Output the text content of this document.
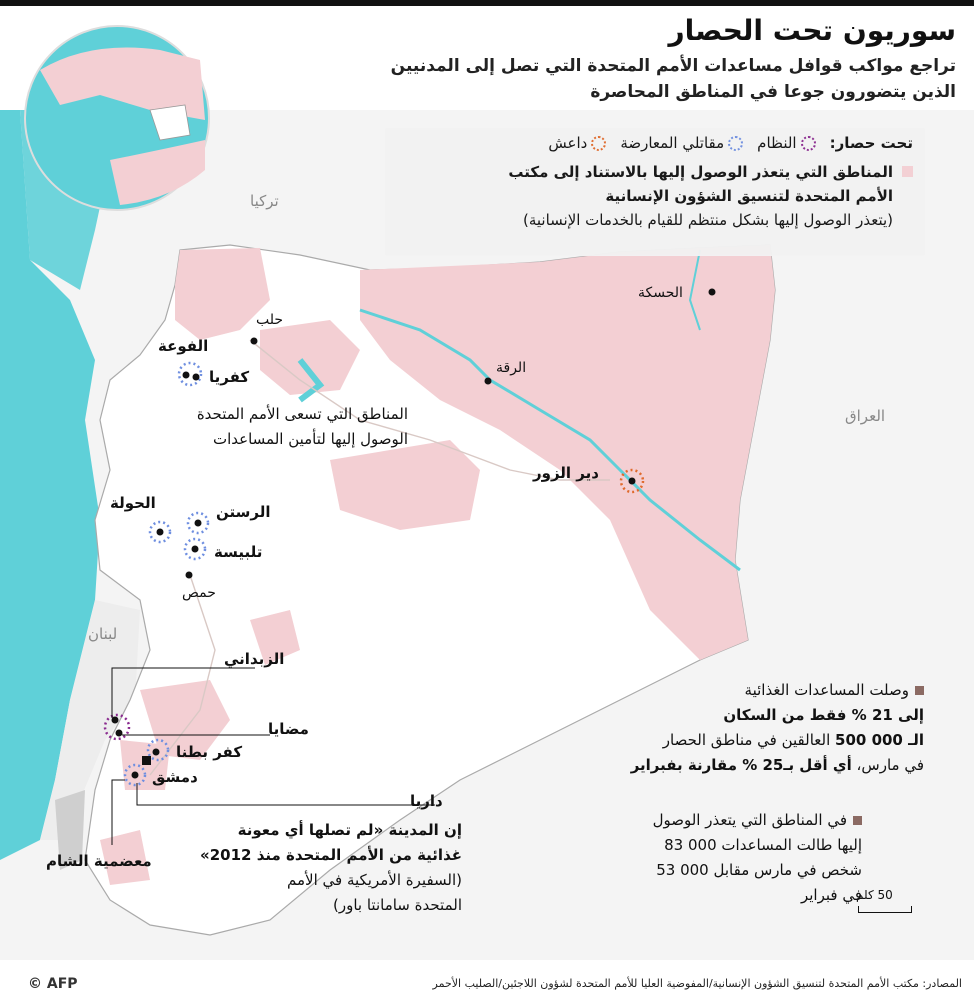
سوريون تحت الحصار
تراجع مواكب قوافل مساعدات الأمم المتحدة التي تصل إلى المدنيين الذين يتضورون جوعا في المناطق المحاصرة
تحت حصار:
النظام
مقاتلي المعارضة
داعش
المناطق التي يتعذر الوصول إليها بالاستناد إلى مكتب
الأمم المتحدة لتنسيق الشؤون الإنسانية
(يتعذر الوصول إليها بشكل منتظم للقيام بالخدمات الإنسانية)
تركيا
العراق
لبنان
الحسكة
الرقة
دير الزور
حلب
الفوعة
كفريا
الرستن
الحولة
تلبيسة
حمص
الزبداني
مضايا
كفر بطنا
دمشق
داريا
معضمية الشام
المناطق التي تسعى الأمم المتحدة
الوصول إليها لتأمين المساعدات
وصلت المساعدات الغذائية
إلى 21 % فقط من السكان
الـ 000 500 العالقين في مناطق الحصار
في مارس، أي أقل بـ25 % مقارنة بفبراير
في المناطق التي يتعذر الوصول
إليها طالت المساعدات 000 83
شخص في مارس مقابل 000 53
في فبراير
إن المدينة «لم تصلها أي معونة
غذائية من الأمم المتحدة منذ 2012»
(السفيرة الأمريكية في الأمم
المتحدة سامانتا باور)
50 كلم
المصادر: مكتب الأمم المتحدة لتنسيق الشؤون الإنسانية/المفوضية العليا للأمم المتحدة لشؤون اللاجئين/الصليب الأحمر
© AFP
